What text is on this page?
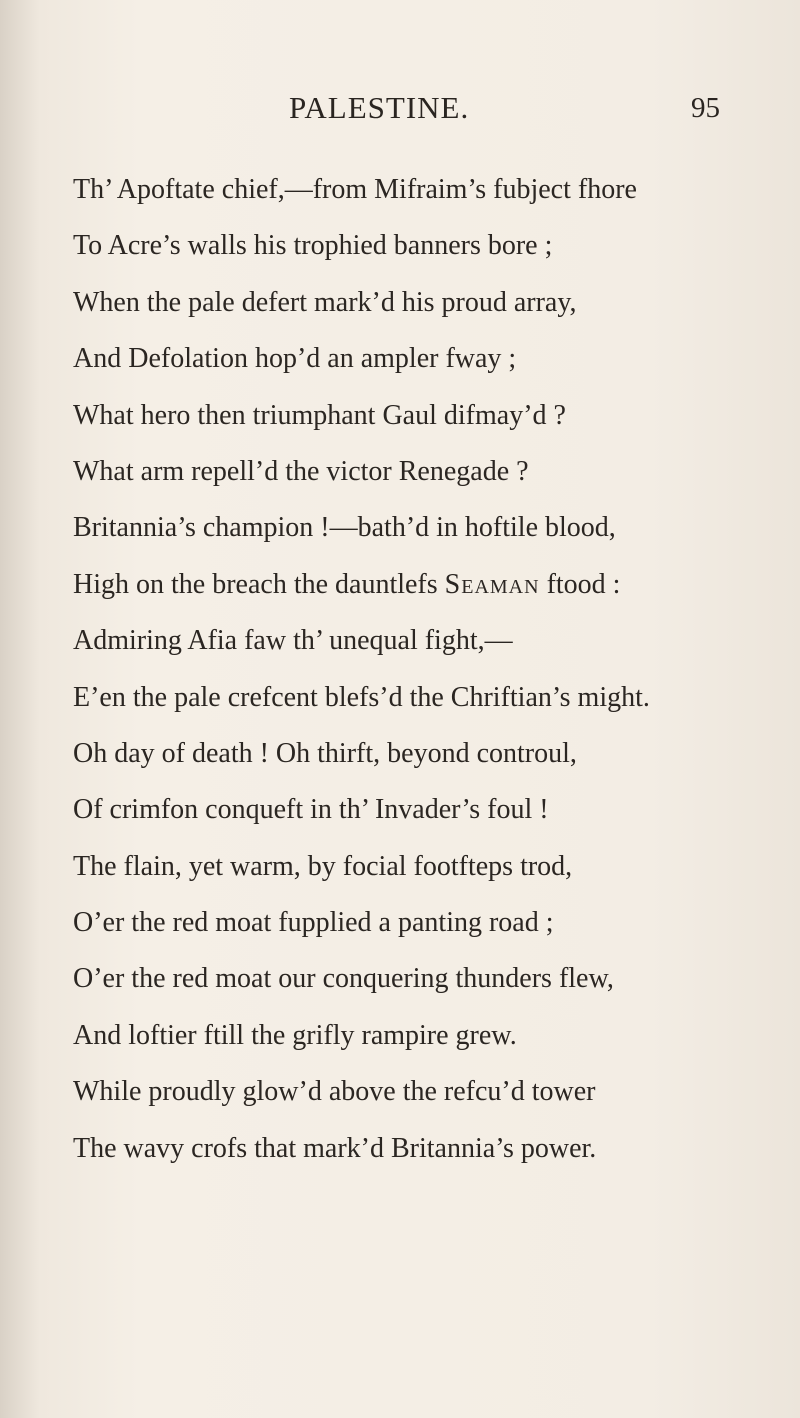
PALESTINE.	95
Th’ Apoftate chief,—from Mifraim’s fubject fhore
To Acre’s walls his trophied banners bore ;
When the pale defert mark’d his proud array,
And Defolation hop’d an ampler fway ;
What hero then triumphant Gaul difmay’d ?
What arm repell’d the victor Renegade ?
Britannia’s champion !—bath’d in hoftile blood,
High on the breach the dauntlefs Seaman ftood :
Admiring Afia faw th’ unequal fight,—
E’en the pale crefcent blefs’d the Chriftian’s might.
Oh day of death ! Oh thirft, beyond controul,
Of crimfon conqueft in th’ Invader’s foul !
The flain, yet warm, by focial footfteps trod,
O’er the red moat fupplied a panting road ;
O’er the red moat our conquering thunders flew,
And loftier ftill the grifly rampire grew.
While proudly glow’d above the refcu’d tower
The wavy crofs that mark’d Britannia’s power.
